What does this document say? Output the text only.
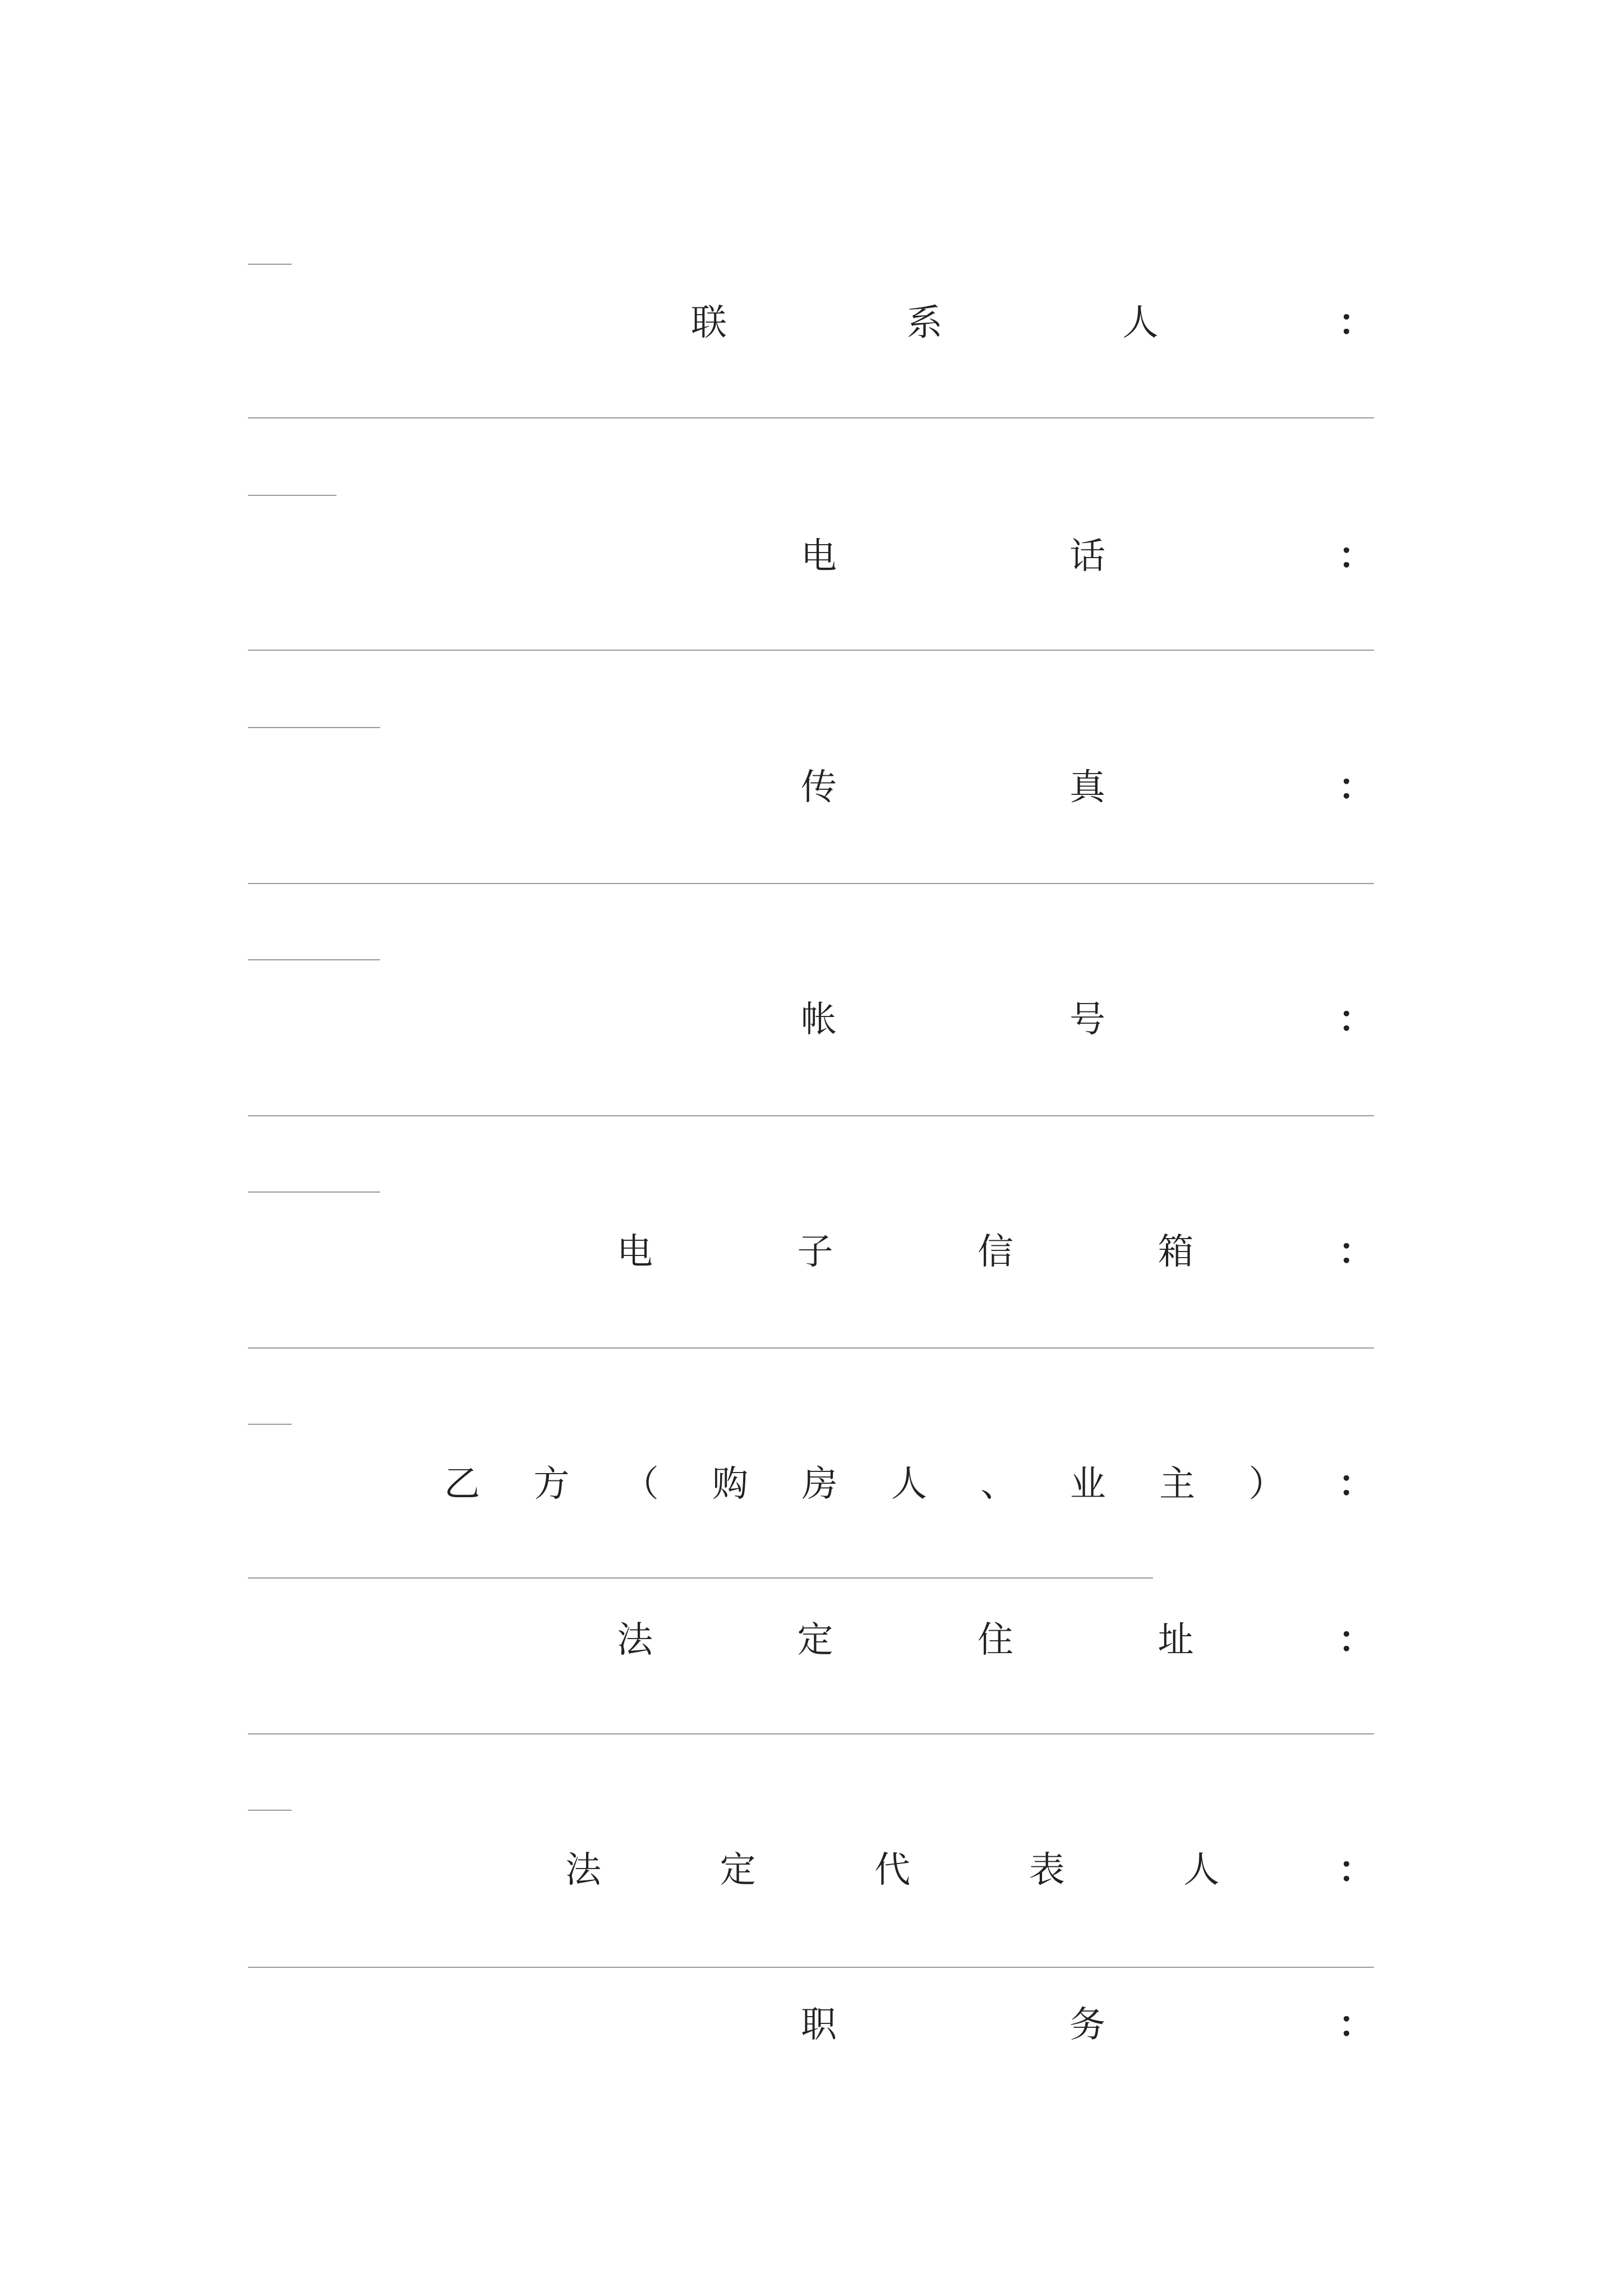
联	系	人	：
电	话	：
传	真	：
帐	号	：
电	子	信	箱	：
乙 方 （ 购 房 人 、 业 主 ） ：
法	定	住	址	：
法	定	代	表	人	：
职	务	：
